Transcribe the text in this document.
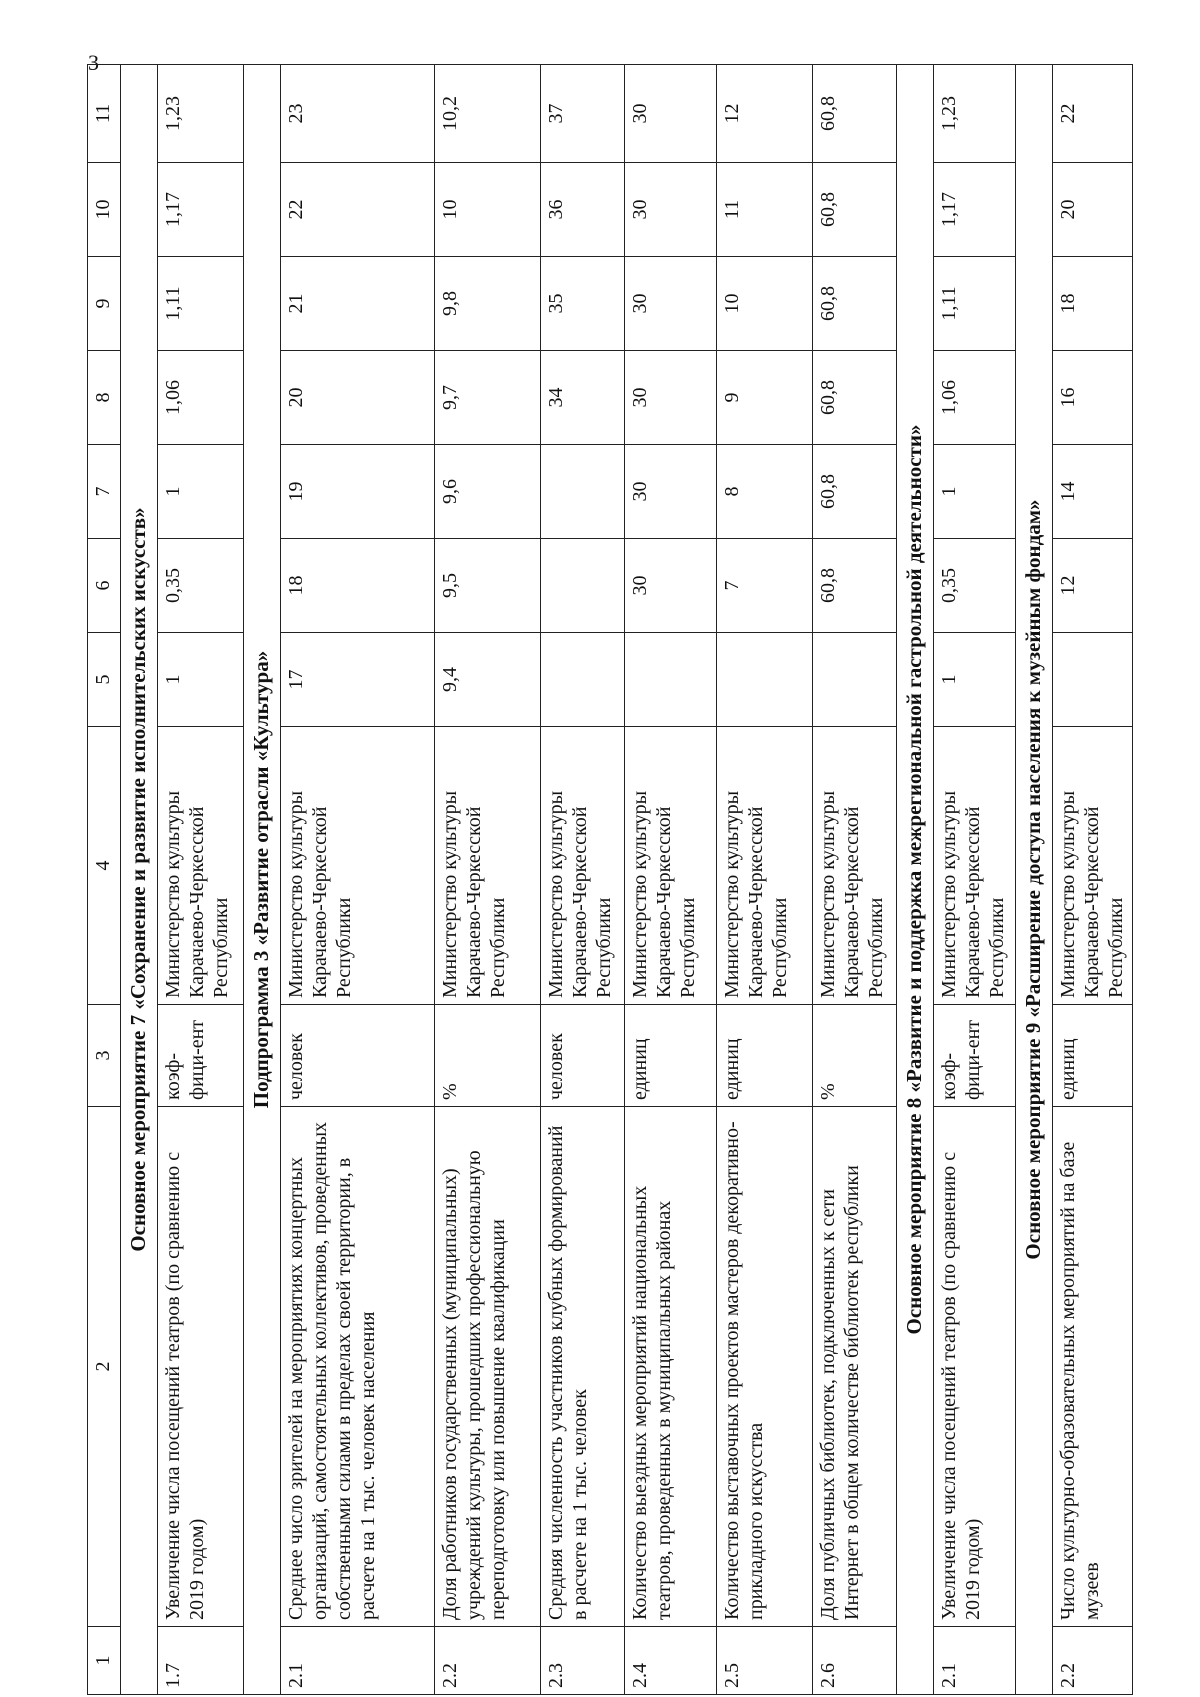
3
1	2	3	4	5	6	7	8	9	10	11
Основное мероприятие 7 «Сохранение и развитие исполнительских искусств»										
1.7	Увеличение числа посещений театров (по сравнению с 2019 годом)	коэф-фици-ент	Министерство культуры Карачаево-Черкесской Республики	1	0,35	1	1,06	1,11	1,17	1,23
Подпрограмма 3 «Развитие отрасли «Культура»										
2.1	Среднее число зрителей на мероприятиях концертных организаций, самостоятельных коллективов, проведенных собственными силами в пределах своей территории, в расчете на 1 тыс. человек населения	человек	Министерство культуры Карачаево-Черкесской Республики	17	18	19	20	21	22	23
2.2	Доля работников государственных (муниципальных) учреждений культуры, прошедших профессиональную переподготовку или повышение квалификации	%	Министерство культуры Карачаево-Черкесской Республики	9,4	9,5	9,6	9,7	9,8	10	10,2
2.3	Средняя численность участников клубных формирований в расчете на 1 тыс. человек	человек	Министерство культуры Карачаево-Черкесской Республики				34	35	36	37
2.4	Количество выездных мероприятий национальных театров, проведенных в муниципальных районах	единиц	Министерство культуры Карачаево-Черкесской Республики		30	30	30	30	30	30
2.5	Количество выставочных проектов мастеров декоративно-прикладного искусства	единиц	Министерство культуры Карачаево-Черкесской Республики		7	8	9	10	11	12
2.6	Доля публичных библиотек, подключенных к сети Интернет в общем количестве библиотек республики	%	Министерство культуры Карачаево-Черкесской Республики		60,8	60,8	60,8	60,8	60,8	60,8
Основное мероприятие 8 «Развитие и поддержка межрегиональной гастрольной деятельности»										
2.1	Увеличение числа посещений театров (по сравнению с 2019 годом)	коэф-фици-ент	Министерство культуры Карачаево-Черкесской Республики	1	0,35	1	1,06	1,11	1,17	1,23
Основное мероприятие 9 «Расширение доступа населения к музейным фондам»										
2.2	Число культурно-образовательных мероприятий на базе музеев	единиц	Министерство культуры Карачаево-Черкесской Республики		12	14	16	18	20	22
